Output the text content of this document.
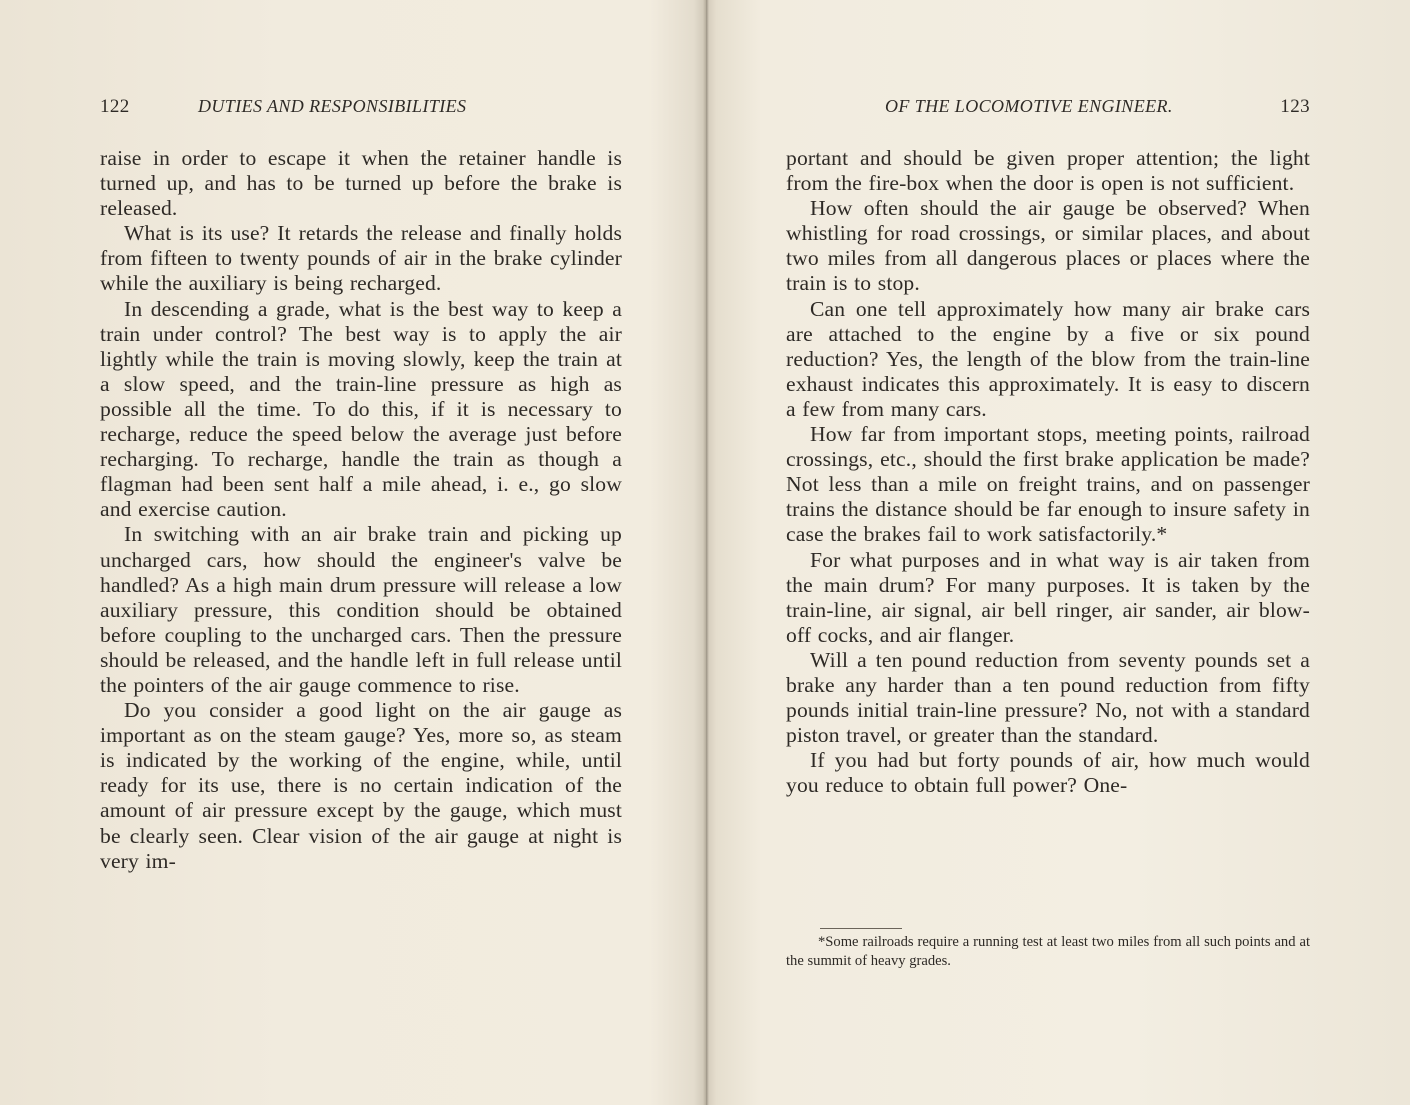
122	DUTIES AND RESPONSIBILITIES

raise in order to escape it when the retainer handle is turned up, and has to be turned up before the brake is released.

What is its use? It retards the release and finally holds from fifteen to twenty pounds of air in the brake cylinder while the auxiliary is being recharged.

In descending a grade, what is the best way to keep a train under control? The best way is to apply the air lightly while the train is moving slowly, keep the train at a slow speed, and the train-line pressure as high as possible all the time. To do this, if it is necessary to recharge, reduce the speed below the average just before recharging. To recharge, handle the train as though a flagman had been sent half a mile ahead, i. e., go slow and exercise caution.

In switching with an air brake train and picking up uncharged cars, how should the engineer's valve be handled? As a high main drum pressure will release a low auxiliary pressure, this condition should be obtained before coupling to the uncharged cars. Then the pressure should be released, and the handle left in full release until the pointers of the air gauge commence to rise.

Do you consider a good light on the air gauge as important as on the steam gauge? Yes, more so, as steam is indicated by the working of the engine, while, until ready for its use, there is no certain indication of the amount of air pressure except by the gauge, which must be clearly seen. Clear vision of the air gauge at night is very im-

OF THE LOCOMOTIVE ENGINEER.	123

portant and should be given proper attention; the light from the fire-box when the door is open is not sufficient.

How often should the air gauge be observed? When whistling for road crossings, or similar places, and about two miles from all dangerous places or places where the train is to stop.

Can one tell approximately how many air brake cars are attached to the engine by a five or six pound reduction? Yes, the length of the blow from the train-line exhaust indicates this approximately. It is easy to discern a few from many cars.

How far from important stops, meeting points, railroad crossings, etc., should the first brake application be made? Not less than a mile on freight trains, and on passenger trains the distance should be far enough to insure safety in case the brakes fail to work satisfactorily.*

For what purposes and in what way is air taken from the main drum? For many purposes. It is taken by the train-line, air signal, air bell ringer, air sander, air blow-off cocks, and air flanger.

Will a ten pound reduction from seventy pounds set a brake any harder than a ten pound reduction from fifty pounds initial train-line pressure? No, not with a standard piston travel, or greater than the standard.

If you had but forty pounds of air, how much would you reduce to obtain full power? One-

*Some railroads require a running test at least two miles from all such points and at the summit of heavy grades.
